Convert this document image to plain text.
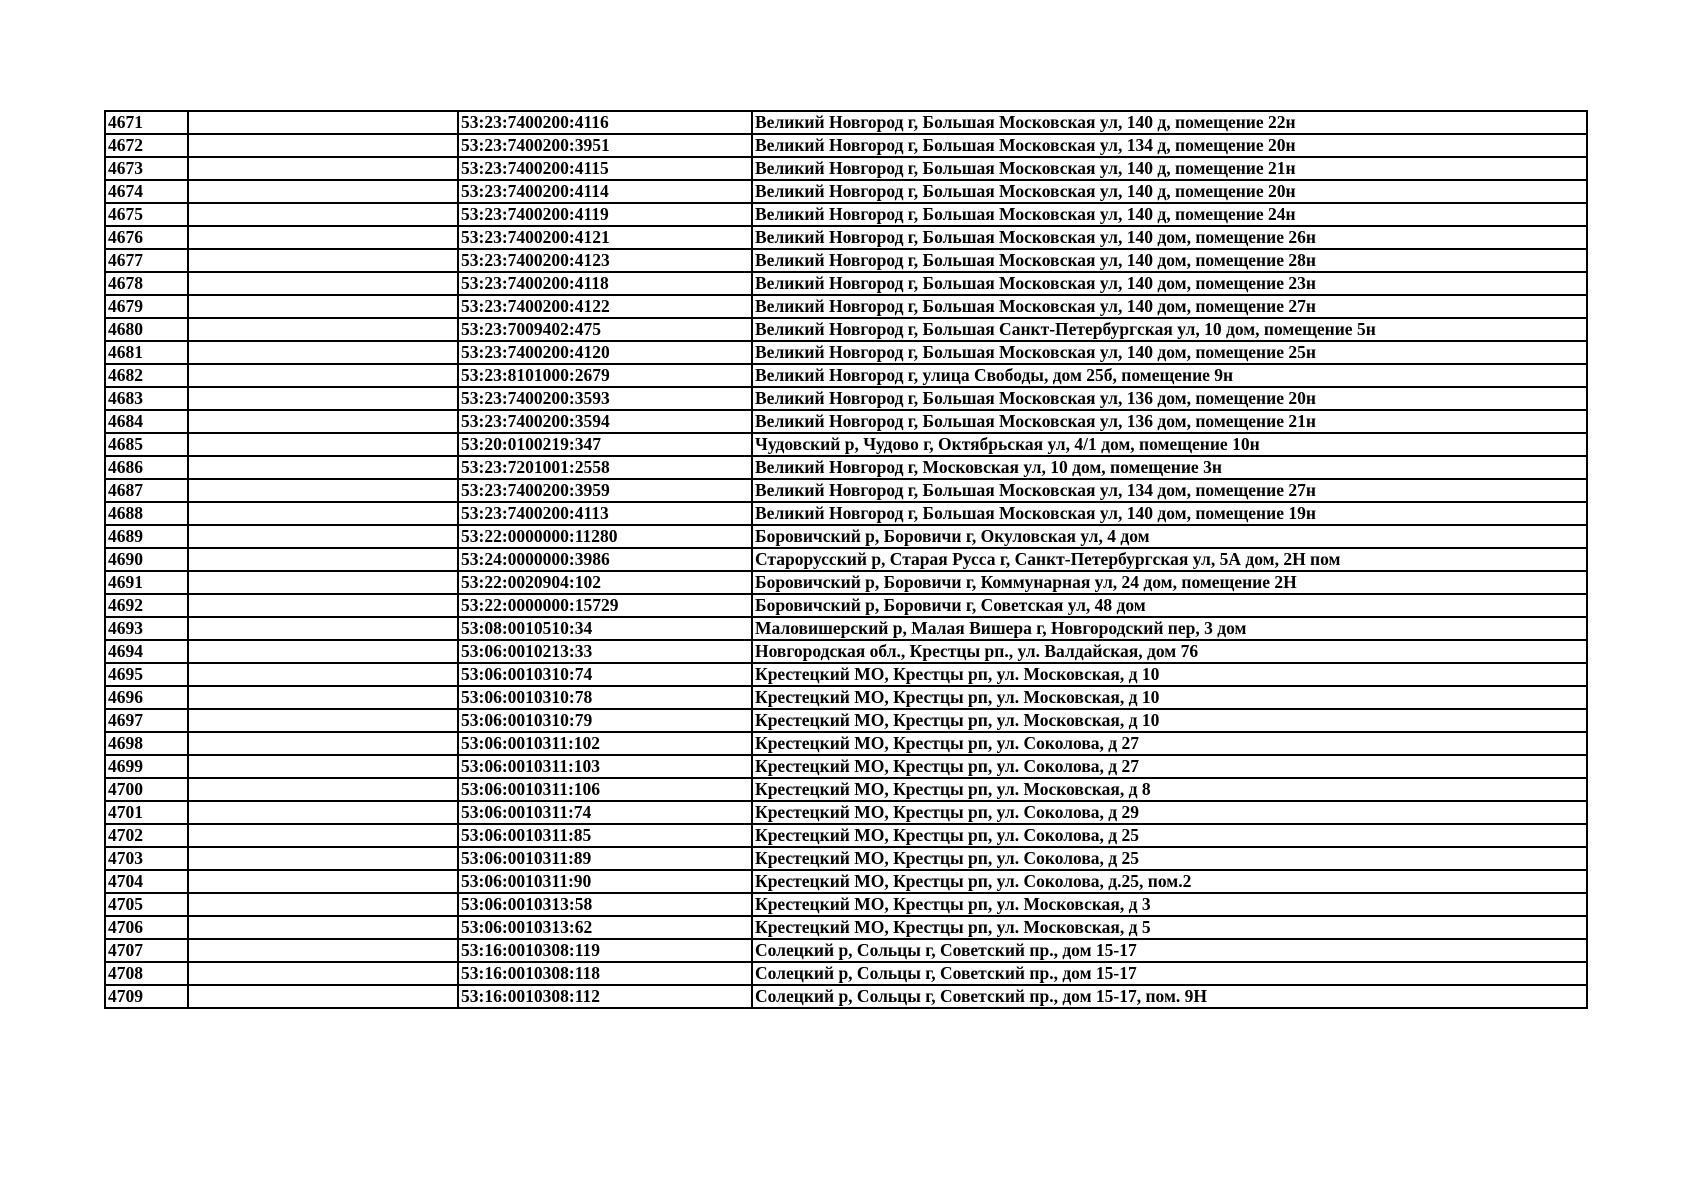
4671		53:23:7400200:4116	Великий Новгород г, Большая Московская ул, 140 д, помещение 22н
4672		53:23:7400200:3951	Великий Новгород г, Большая Московская ул, 134 д, помещение 20н
4673		53:23:7400200:4115	Великий Новгород г, Большая Московская ул, 140 д, помещение 21н
4674		53:23:7400200:4114	Великий Новгород г, Большая Московская ул, 140 д, помещение 20н
4675		53:23:7400200:4119	Великий Новгород г, Большая Московская ул, 140 д, помещение 24н
4676		53:23:7400200:4121	Великий Новгород г, Большая Московская ул, 140 дом, помещение 26н
4677		53:23:7400200:4123	Великий Новгород г, Большая Московская ул, 140 дом, помещение 28н
4678		53:23:7400200:4118	Великий Новгород г, Большая Московская ул, 140 дом, помещение 23н
4679		53:23:7400200:4122	Великий Новгород г, Большая Московская ул, 140 дом, помещение 27н
4680		53:23:7009402:475	Великий Новгород г, Большая Санкт-Петербургская ул, 10 дом, помещение 5н
4681		53:23:7400200:4120	Великий Новгород г, Большая Московская ул, 140 дом, помещение 25н
4682		53:23:8101000:2679	Великий Новгород г, улица Свободы, дом 25б, помещение 9н
4683		53:23:7400200:3593	Великий Новгород г, Большая Московская ул, 136 дом, помещение 20н
4684		53:23:7400200:3594	Великий Новгород г, Большая Московская ул, 136 дом, помещение 21н
4685		53:20:0100219:347	Чудовский р, Чудово г, Октябрьская ул, 4/1 дом, помещение 10н
4686		53:23:7201001:2558	Великий Новгород г, Московская ул, 10 дом, помещение 3н
4687		53:23:7400200:3959	Великий Новгород г, Большая Московская ул, 134 дом, помещение 27н
4688		53:23:7400200:4113	Великий Новгород г, Большая Московская ул, 140 дом, помещение 19н
4689		53:22:0000000:11280	Боровичский р, Боровичи г, Окуловская ул, 4 дом
4690		53:24:0000000:3986	Старорусский р, Старая Русса г, Санкт-Петербургская ул, 5А дом, 2Н пом
4691		53:22:0020904:102	Боровичский р, Боровичи г, Коммунарная ул, 24 дом, помещение 2Н
4692		53:22:0000000:15729	Боровичский р, Боровичи г, Советская ул, 48 дом
4693		53:08:0010510:34	Маловишерский р, Малая Вишера г, Новгородский пер, 3 дом
4694		53:06:0010213:33	Новгородская обл., Крестцы рп., ул. Валдайская, дом 76
4695		53:06:0010310:74	Крестецкий МО, Крестцы рп, ул. Московская, д 10
4696		53:06:0010310:78	Крестецкий МО, Крестцы рп, ул. Московская, д 10
4697		53:06:0010310:79	Крестецкий МО, Крестцы рп, ул. Московская, д 10
4698		53:06:0010311:102	Крестецкий МО, Крестцы рп, ул. Соколова, д 27
4699		53:06:0010311:103	Крестецкий МО, Крестцы рп, ул. Соколова, д 27
4700		53:06:0010311:106	Крестецкий МО, Крестцы рп, ул. Московская, д 8
4701		53:06:0010311:74	Крестецкий МО, Крестцы рп, ул. Соколова, д 29
4702		53:06:0010311:85	Крестецкий МО, Крестцы рп, ул. Соколова, д 25
4703		53:06:0010311:89	Крестецкий МО, Крестцы рп, ул. Соколова, д 25
4704		53:06:0010311:90	Крестецкий МО, Крестцы рп, ул. Соколова, д.25, пом.2
4705		53:06:0010313:58	Крестецкий МО, Крестцы рп, ул. Московская, д 3
4706		53:06:0010313:62	Крестецкий МО, Крестцы рп, ул. Московская, д 5
4707		53:16:0010308:119	Солецкий р, Сольцы г, Советский пр., дом 15-17
4708		53:16:0010308:118	Солецкий р, Сольцы г, Советский пр., дом 15-17
4709		53:16:0010308:112	Солецкий р, Сольцы г, Советский пр., дом 15-17, пом. 9Н
